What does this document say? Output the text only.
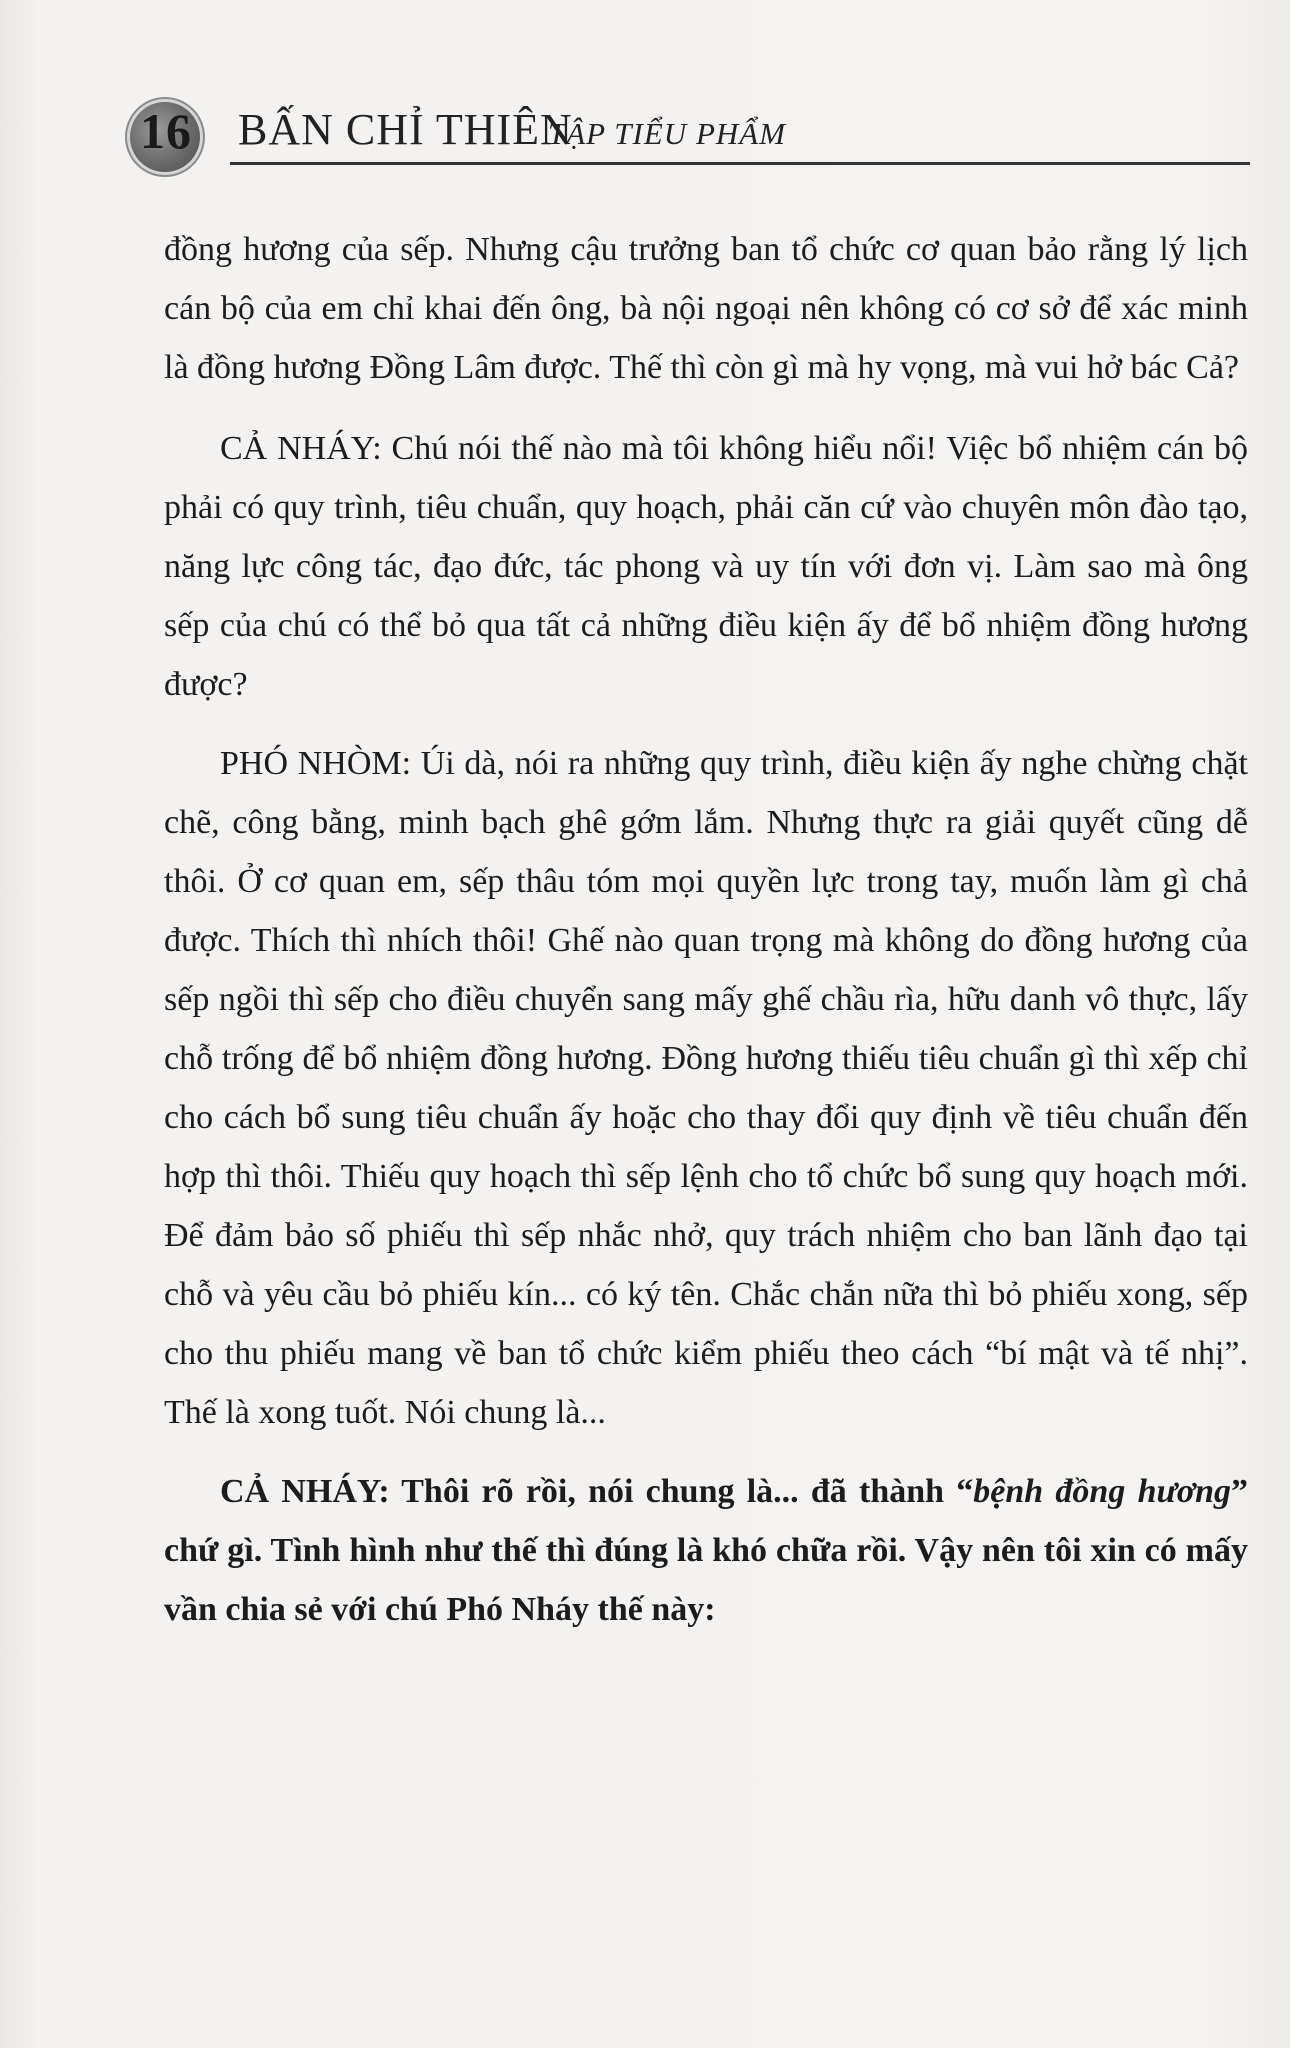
16 BẤN CHỈ THIÊN
TẬP TIỂU PHẨM

đồng hương của sếp. Nhưng cậu trưởng ban tổ chức cơ quan bảo rằng lý lịch cán bộ của em chỉ khai đến ông, bà nội ngoại nên không có cơ sở để xác minh là đồng hương Đồng Lâm được. Thế thì còn gì mà hy vọng, mà vui hở bác Cả?

CẢ NHÁY: Chú nói thế nào mà tôi không hiểu nổi! Việc bổ nhiệm cán bộ phải có quy trình, tiêu chuẩn, quy hoạch, phải căn cứ vào chuyên môn đào tạo, năng lực công tác, đạo đức, tác phong và uy tín với đơn vị. Làm sao mà ông sếp của chú có thể bỏ qua tất cả những điều kiện ấy để bổ nhiệm đồng hương được?

PHÓ NHÒM: Úi dà, nói ra những quy trình, điều kiện ấy nghe chừng chặt chẽ, công bằng, minh bạch ghê gớm lắm. Nhưng thực ra giải quyết cũng dễ thôi. Ở cơ quan em, sếp thâu tóm mọi quyền lực trong tay, muốn làm gì chả được. Thích thì nhích thôi! Ghế nào quan trọng mà không do đồng hương của sếp ngồi thì sếp cho điều chuyển sang mấy ghế chầu rìa, hữu danh vô thực, lấy chỗ trống để bổ nhiệm đồng hương. Đồng hương thiếu tiêu chuẩn gì thì xếp chỉ cho cách bổ sung tiêu chuẩn ấy hoặc cho thay đổi quy định về tiêu chuẩn đến hợp thì thôi. Thiếu quy hoạch thì sếp lệnh cho tổ chức bổ sung quy hoạch mới. Để đảm bảo số phiếu thì sếp nhắc nhở, quy trách nhiệm cho ban lãnh đạo tại chỗ và yêu cầu bỏ phiếu kín... có ký tên. Chắc chắn nữa thì bỏ phiếu xong, sếp cho thu phiếu mang về ban tổ chức kiểm phiếu theo cách “bí mật và tế nhị”. Thế là xong tuốt. Nói chung là...

CẢ NHÁY: Thôi rõ rồi, nói chung là... đã thành “bệnh đồng hương” chứ gì. Tình hình như thế thì đúng là khó chữa rồi. Vậy nên tôi xin có mấy vần chia sẻ với chú Phó Nháy thế này:
